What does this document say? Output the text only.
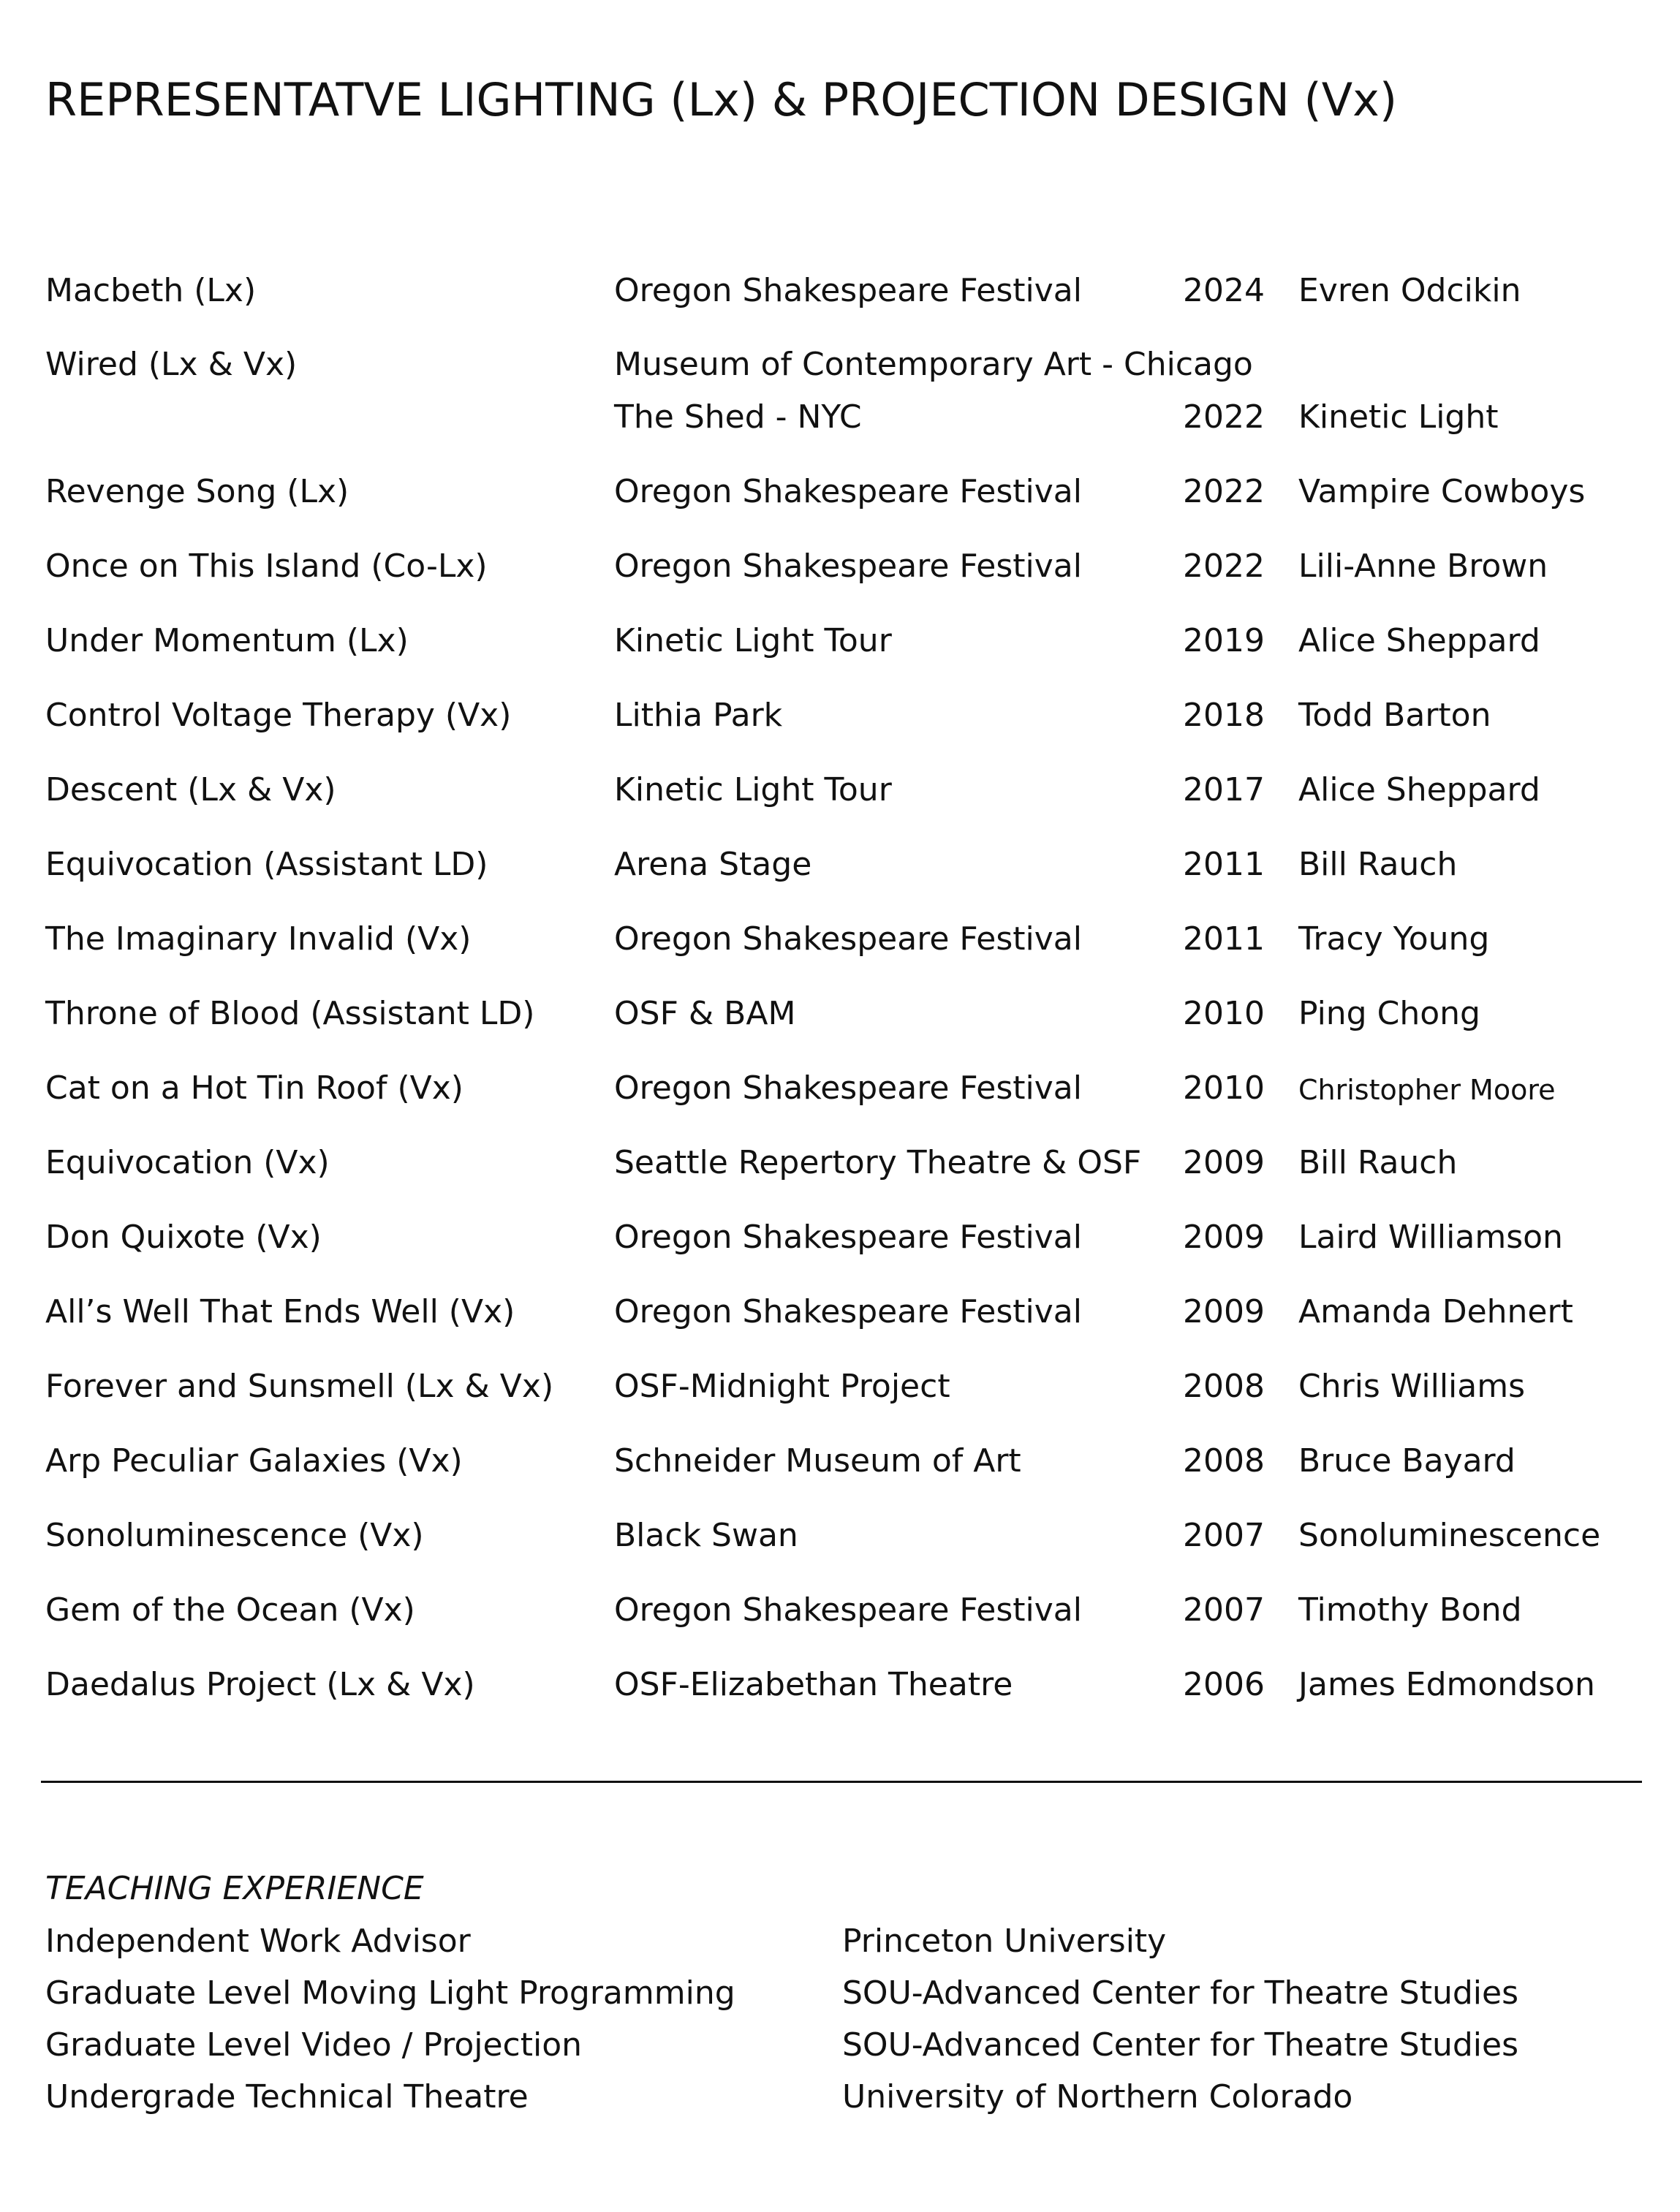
REPRESENTATVE LIGHTING (Lx) & PROJECTION DESIGN (Vx)
Macbeth (Lx)	Oregon Shakespeare Festival	2024 Evren Odcikin
Wired (Lx & Vx)	Museum of Contemporary Art - Chicago
The Shed - NYC	2022 Kinetic Light
Revenge Song (Lx)	Oregon Shakespeare Festival	2022 Vampire Cowboys
Once on This Island (Co-Lx)	Oregon Shakespeare Festival	2022 Lili-Anne Brown
Under Momentum (Lx)	Kinetic Light Tour	2019 Alice Sheppard
Control Voltage Therapy (Vx)	Lithia Park	2018 Todd Barton
Descent (Lx & Vx)	Kinetic Light Tour	2017 Alice Sheppard
Equivocation (Assistant LD)	Arena Stage	2011 Bill Rauch
The Imaginary Invalid (Vx)	Oregon Shakespeare Festival	2011 Tracy Young
Throne of Blood (Assistant LD) OSF & BAM	2010 Ping Chong
Cat on a Hot Tin Roof (Vx)	Oregon Shakespeare Festival	2010 Christopher Moore
Equivocation (Vx)	Seattle Repertory Theatre & OSF 2009 Bill Rauch
Don Quixote (Vx)	Oregon Shakespeare Festival	2009 Laird Williamson
All’s Well That Ends Well (Vx)	Oregon Shakespeare Festival	2009 Amanda Dehnert
Forever and Sunsmell (Lx & Vx) OSF-Midnight Project	2008 Chris Williams
Arp Peculiar Galaxies (Vx)	Schneider Museum of Art	2008 Bruce Bayard
Sonoluminescence (Vx)	Black Swan	2007 Sonoluminescence
Gem of the Ocean (Vx)	Oregon Shakespeare Festival	2007 Timothy Bond
Daedalus Project (Lx & Vx)	OSF-Elizabethan Theatre	2006 James Edmondson
TEACHING EXPERIENCE
Independent Work Advisor	Princeton University
Graduate Level Moving Light Programming	SOU-Advanced Center for Theatre Studies
Graduate Level Video / Projection	SOU-Advanced Center for Theatre Studies
Undergrade Technical Theatre	University of Northern Colorado
